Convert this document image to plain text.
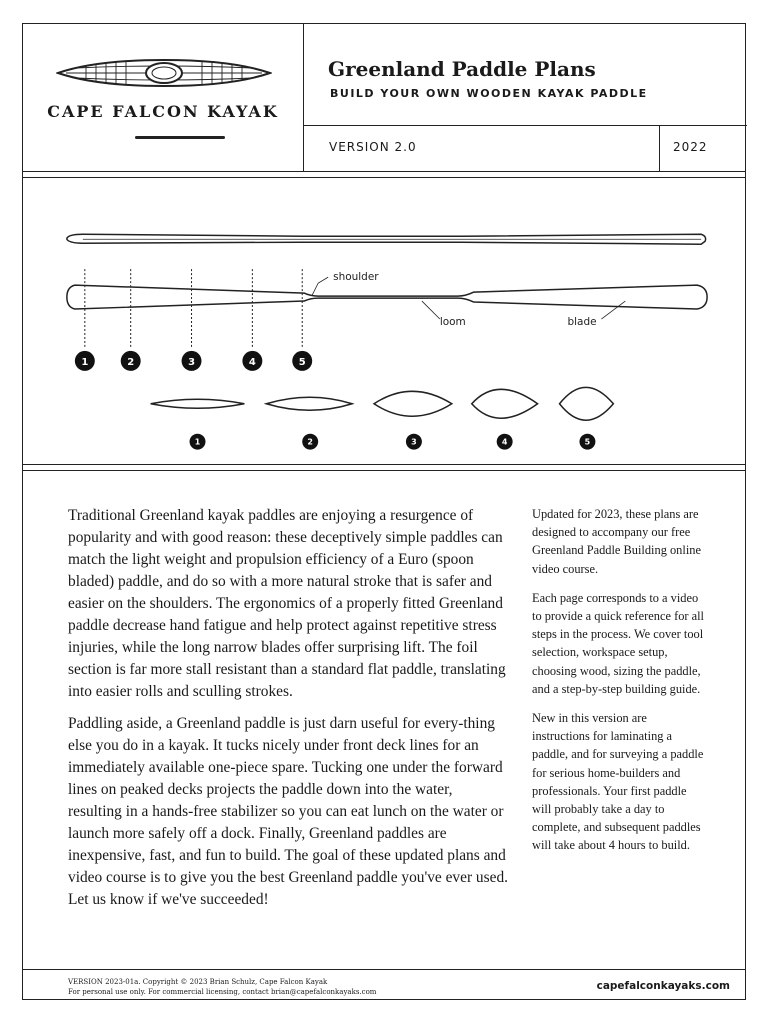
CAPE FALCON KAYAK
Greenland Paddle Plans
BUILD YOUR OWN WOODEN KAYAK PADDLE
VERSION 2.0	2022
shoulder
loom	blade
1	2	3	4	5
1	2	3	4	5

Traditional Greenland kayak paddles are enjoying a resurgence of popularity and with good reason: these deceptively simple paddles can match the light weight and propulsion efficiency of a Euro (spoon bladed) paddle, and do so with a more natural stroke that is safer and easier on the shoulders. The ergonomics of a properly fitted Greenland paddle decrease hand fatigue and help protect against repetitive stress injuries, while the long narrow blades offer surprising lift. The foil section is far more stall resistant than a standard flat paddle, translating into easier rolls and sculling strokes.

Paddling aside, a Greenland paddle is just darn useful for every-thing else you do in a kayak. It tucks nicely under front deck lines for an immediately available one-piece spare. Tucking one under the forward lines on peaked decks projects the paddle down into the water, resulting in a hands-free stabilizer so you can eat lunch on the water or launch more safely off a dock. Finally, Greenland paddles are inexpensive, fast, and fun to build. The goal of these updated plans and video course is to give you the best Greenland paddle you've ever used. Let us know if we've succeeded!

Updated for 2023, these plans are designed to accompany our free Greenland Paddle Building online video course.

Each page corresponds to a video to provide a quick reference for all steps in the process. We cover tool selection, workspace setup, choosing wood, sizing the paddle, and a step-by-step building guide.

New in this version are instructions for laminating a paddle, and for surveying a paddle for serious home-builders and professionals. Your first paddle will probably take a day to complete, and subsequent paddles will take about 4 hours to build.

VERSION 2023-01a. Copyright © 2023 Brian Schulz, Cape Falcon Kayak
For personal use only. For commercial licensing, contact brian@capefalconkayaks.com	capefalconkayaks.com
